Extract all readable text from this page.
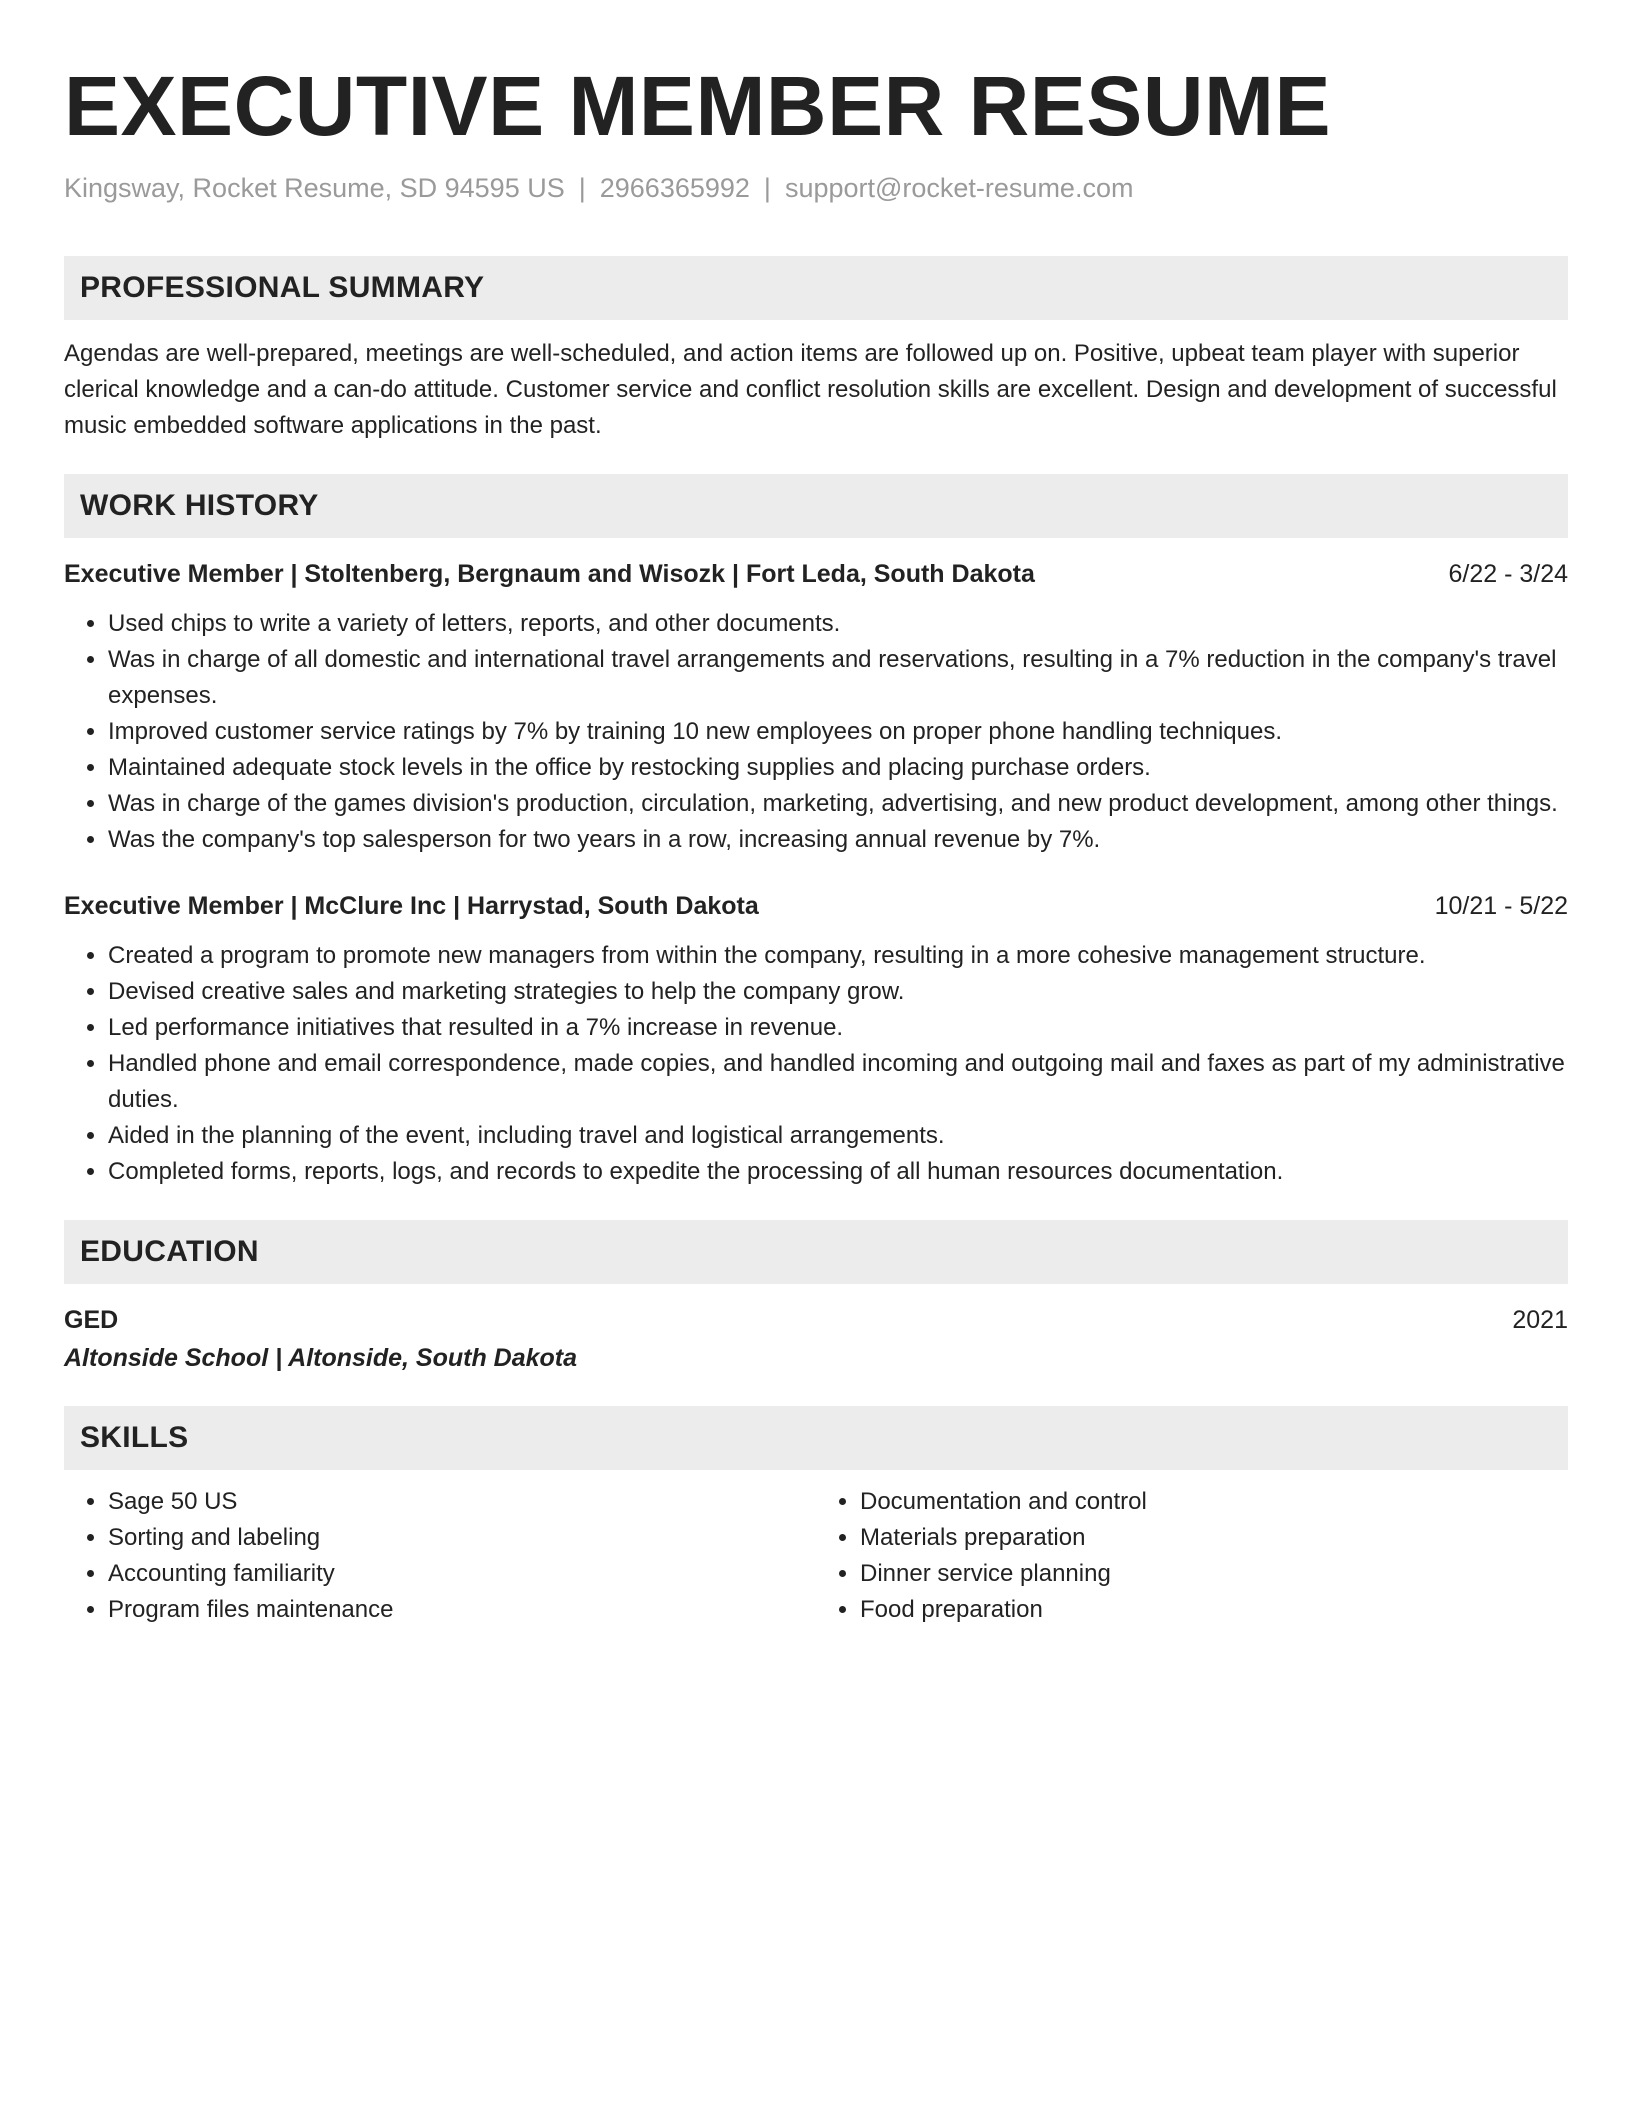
EXECUTIVE MEMBER RESUME
Kingsway, Rocket Resume, SD 94595 US | 2966365992 | support@rocket-resume.com
PROFESSIONAL SUMMARY

Agendas are well-prepared, meetings are well-scheduled, and action items are followed up on. Positive, upbeat team player with superior clerical knowledge and a can-do attitude. Customer service and conflict resolution skills are excellent. Design and development of successful music embedded software applications in the past.

WORK HISTORY
Executive Member | Stoltenberg, Bergnaum and Wisozk | Fort Leda, South Dakota	6/22 - 3/24
• Used chips to write a variety of letters, reports, and other documents.
• Was in charge of all domestic and international travel arrangements and reservations, resulting in a 7% reduction in the company's travel expenses.
• Improved customer service ratings by 7% by training 10 new employees on proper phone handling techniques.
• Maintained adequate stock levels in the office by restocking supplies and placing purchase orders.
• Was in charge of the games division's production, circulation, marketing, advertising, and new product development, among other things.
• Was the company's top salesperson for two years in a row, increasing annual revenue by 7%.
Executive Member | McClure Inc | Harrystad, South Dakota	10/21 - 5/22
• Created a program to promote new managers from within the company, resulting in a more cohesive management structure.
• Devised creative sales and marketing strategies to help the company grow.
• Led performance initiatives that resulted in a 7% increase in revenue.
• Handled phone and email correspondence, made copies, and handled incoming and outgoing mail and faxes as part of my administrative duties.
• Aided in the planning of the event, including travel and logistical arrangements.
• Completed forms, reports, logs, and records to expedite the processing of all human resources documentation.
EDUCATION
GED	2021
Altonside School | Altonside, South Dakota
SKILLS
• Sage 50 US
• Sorting and labeling
• Accounting familiarity
• Program files maintenance
• Documentation and control
• Materials preparation
• Dinner service planning
• Food preparation
